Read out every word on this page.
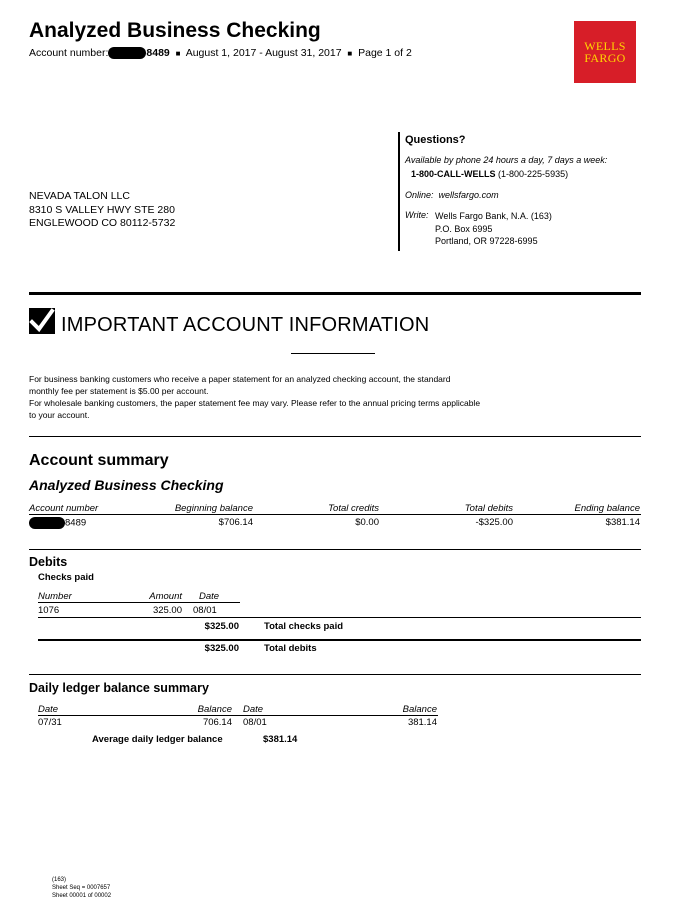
Analyzed Business Checking
Account number:	8489 ■ August 1, 2017 - August 31, 2017 ■ Page 1 of 2	WELLS
FARGO
NEVADA TALON LLC
8310 S VALLEY HWY STE 280
ENGLEWOOD CO 80112-5732
Questions?
Available by phone 24 hours a day, 7 days a week:
1-800-CALL-WELLS (1-800-225-5935)
Online: wellsfargo.com
Write: Wells Fargo Bank, N.A. (163)
P.O. Box 6995
Portland, OR 97228-6995
IMPORTANT ACCOUNT INFORMATION
For business banking customers who receive a paper statement for an analyzed checking account, the standard
monthly fee per statement is $5.00 per account.
For wholesale banking customers, the paper statement fee may vary. Please refer to the annual pricing terms applicable
to your account.
Account summary
Analyzed Business Checking
Account number	Beginning balance	Total credits	Total debits	Ending balance
8489	$706.14	$0.00	-$325.00	$381.14
Debits
Checks paid
Number	Amount Date
1076	325.00 08/01
$325.00	Total checks paid
$325.00	Total debits
Daily ledger balance summary
Date	Balance Date	Balance
07/31	706.14 08/01	381.14
Average daily ledger balance	$381.14
(163)
Sheet Seq = 0007657
Sheet 00001 of 00002
